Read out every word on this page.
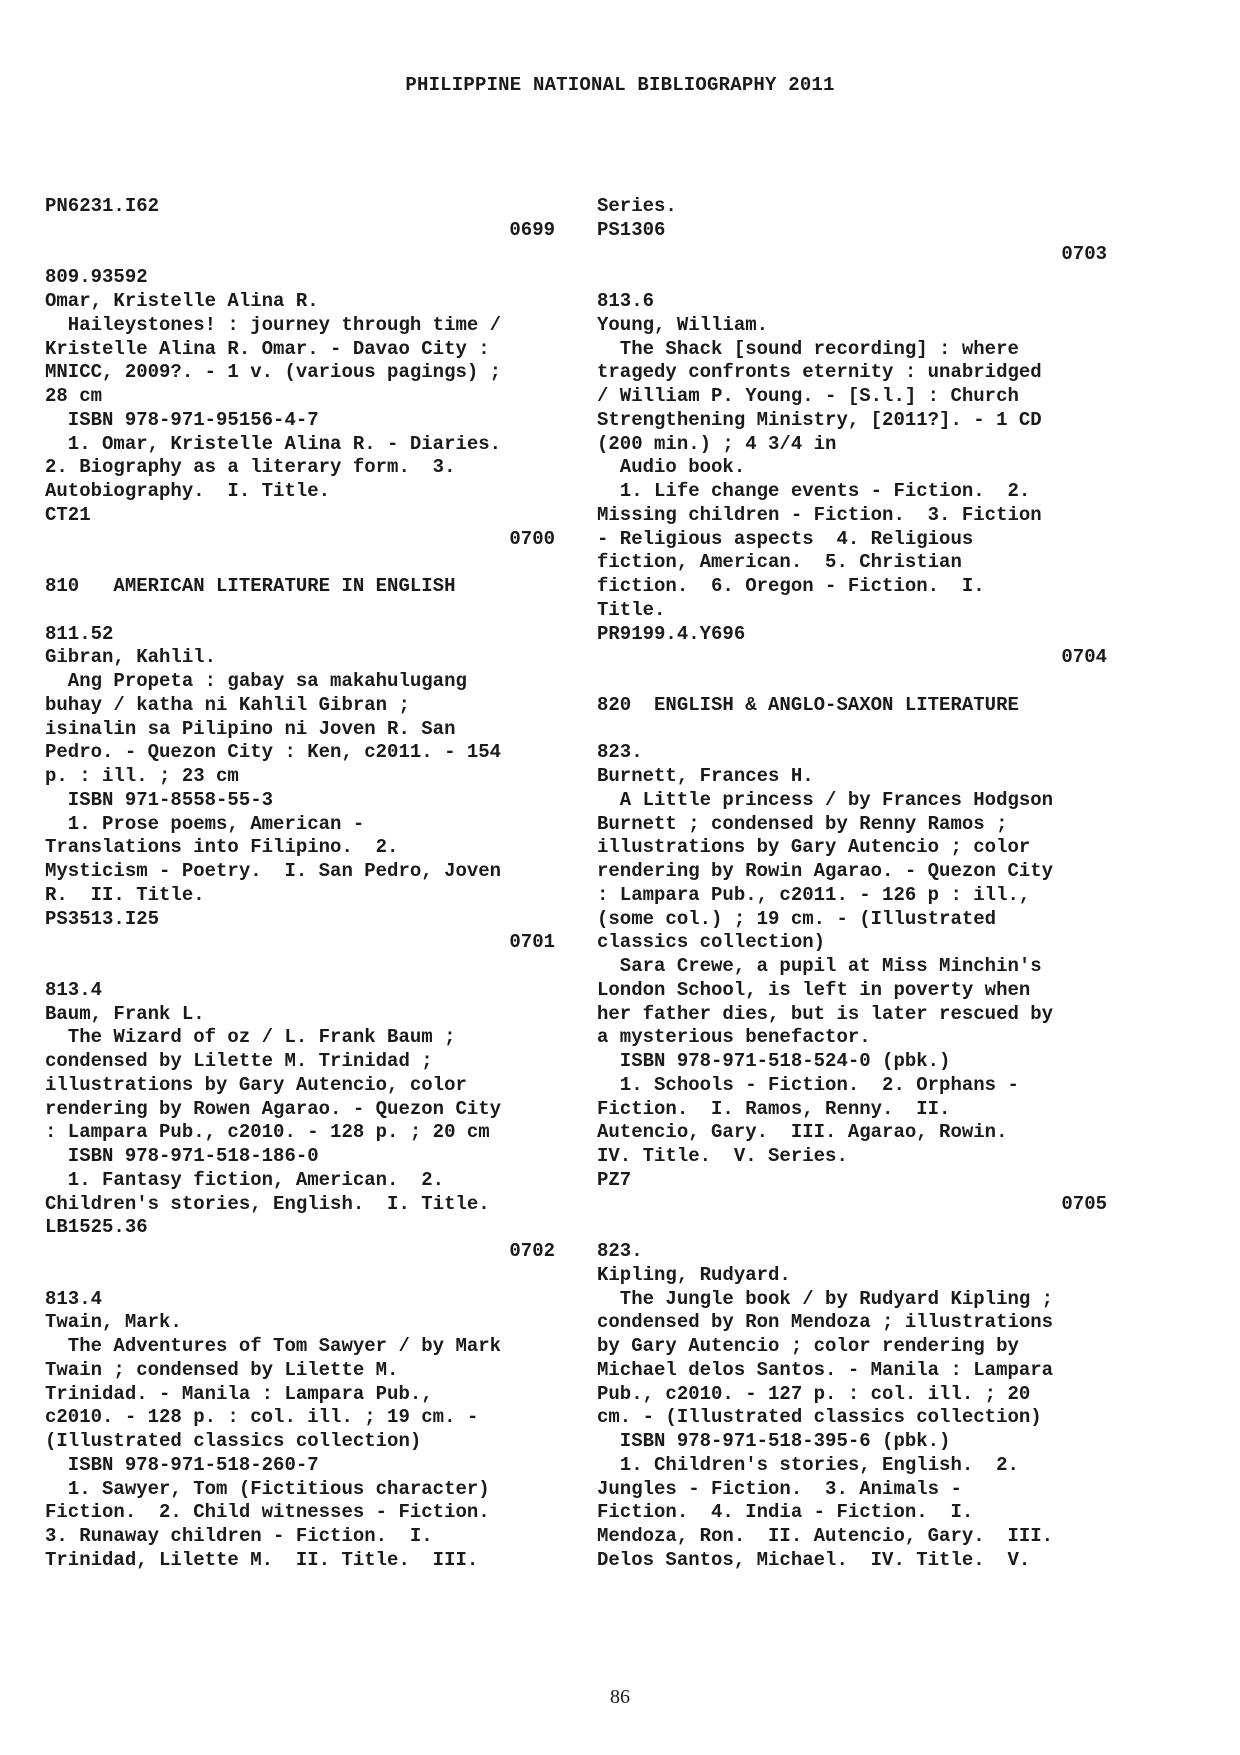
PHILIPPINE NATIONAL BIBLIOGRAPHY 2011
PN6231.I62
0699

809.93592
Omar, Kristelle Alina R.
Haileystones! : journey through time /
Kristelle Alina R. Omar. - Davao City :
MNICC, 2009?. - 1 v. (various pagings) ;
28 cm
ISBN 978-971-95156-4-7
1. Omar, Kristelle Alina R. - Diaries.
2. Biography as a literary form.  3.
Autobiography.  I. Title.
CT21
0700

810   AMERICAN LITERATURE IN ENGLISH

811.52
Gibran, Kahlil.
Ang Propeta : gabay sa makahulugang
buhay / katha ni Kahlil Gibran ;
isinalin sa Pilipino ni Joven R. San
Pedro. - Quezon City : Ken, c2011. - 154
p. : ill. ; 23 cm
ISBN 971-8558-55-3
1. Prose poems, American -
Translations into Filipino.  2.
Mysticism - Poetry.  I. San Pedro, Joven
R.  II. Title.
PS3513.I25
0701

813.4
Baum, Frank L.
The Wizard of oz / L. Frank Baum ;
condensed by Lilette M. Trinidad ;
illustrations by Gary Autencio, color
rendering by Rowen Agarao. - Quezon City
: Lampara Pub., c2010. - 128 p. ; 20 cm
ISBN 978-971-518-186-0
1. Fantasy fiction, American.  2.
Children's stories, English.  I. Title.
LB1525.36
0702

813.4
Twain, Mark.
The Adventures of Tom Sawyer / by Mark
Twain ; condensed by Lilette M.
Trinidad. - Manila : Lampara Pub.,
c2010. - 128 p. : col. ill. ; 19 cm. -
(Illustrated classics collection)
ISBN 978-971-518-260-7
1. Sawyer, Tom (Fictitious character)
Fiction.  2. Child witnesses - Fiction.
3. Runaway children - Fiction.  I.
Trinidad, Lilette M.  II. Title.  III.
Series.
PS1306
0703

813.6
Young, William.
The Shack [sound recording] : where
tragedy confronts eternity : unabridged
/ William P. Young. - [S.l.] : Church
Strengthening Ministry, [2011?]. - 1 CD
(200 min.) ; 4 3/4 in
Audio book.
1. Life change events - Fiction.  2.
Missing children - Fiction.  3. Fiction
- Religious aspects  4. Religious
fiction, American.  5. Christian
fiction.  6. Oregon - Fiction.  I.
Title.
PR9199.4.Y696
0704

820  ENGLISH & ANGLO-SAXON LITERATURE

823.
Burnett, Frances H.
A Little princess / by Frances Hodgson
Burnett ; condensed by Renny Ramos ;
illustrations by Gary Autencio ; color
rendering by Rowin Agarao. - Quezon City
: Lampara Pub., c2011. - 126 p : ill.,
(some col.) ; 19 cm. - (Illustrated
classics collection)
Sara Crewe, a pupil at Miss Minchin's
London School, is left in poverty when
her father dies, but is later rescued by
a mysterious benefactor.
ISBN 978-971-518-524-0 (pbk.)
1. Schools - Fiction.  2. Orphans -
Fiction.  I. Ramos, Renny.  II.
Autencio, Gary.  III. Agarao, Rowin.
IV. Title.  V. Series.
PZ7
0705

823.
Kipling, Rudyard.
The Jungle book / by Rudyard Kipling ;
condensed by Ron Mendoza ; illustrations
by Gary Autencio ; color rendering by
Michael delos Santos. - Manila : Lampara
Pub., c2010. - 127 p. : col. ill. ; 20
cm. - (Illustrated classics collection)
ISBN 978-971-518-395-6 (pbk.)
1. Children's stories, English.  2.
Jungles - Fiction.  3. Animals -
Fiction.  4. India - Fiction.  I.
Mendoza, Ron.  II. Autencio, Gary.  III.
Delos Santos, Michael.  IV. Title.  V.
86
